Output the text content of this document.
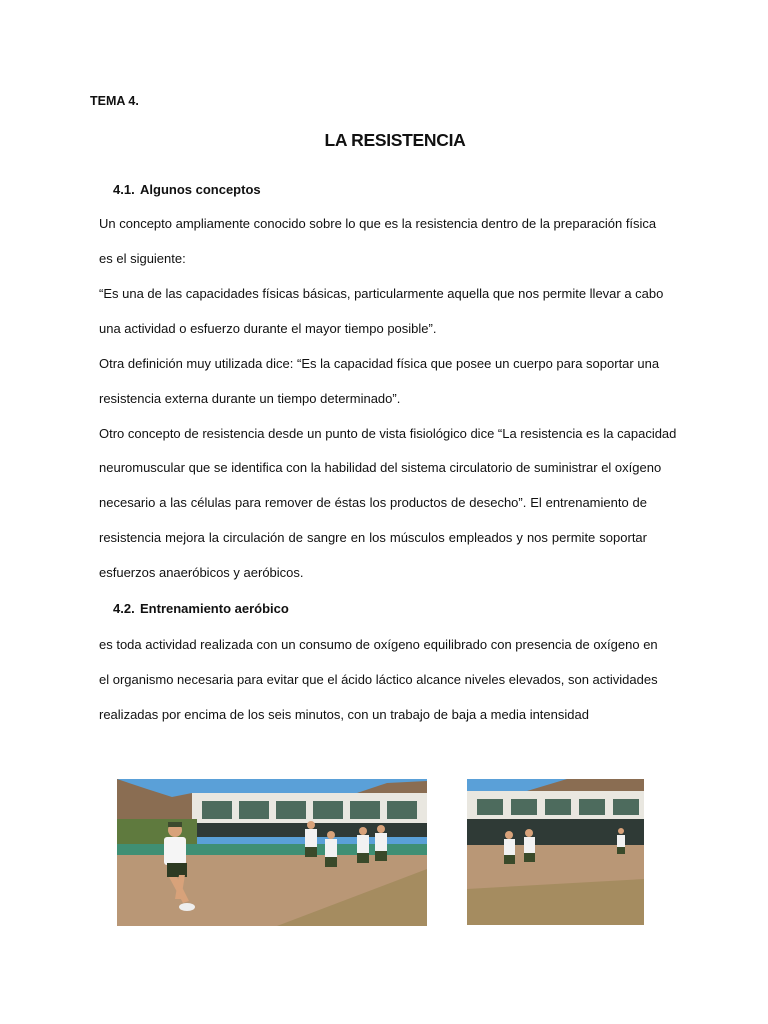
TEMA 4.
LA RESISTENCIA
4.1. Algunos conceptos
Un concepto ampliamente conocido sobre lo que es la resistencia dentro de la preparación física
es el siguiente:
“Es una de las capacidades físicas básicas, particularmente aquella que nos permite llevar a cabo
una actividad o esfuerzo durante el mayor tiempo posible”.
Otra definición muy utilizada dice: “Es la capacidad física que posee un cuerpo para soportar una
resistencia externa durante un tiempo determinado”.
Otro concepto de resistencia desde un punto de vista fisiológico dice “La resistencia es la capacidad
neuromuscular que se identifica con la habilidad del sistema circulatorio de suministrar el oxígeno
necesario a las células para remover de éstas los productos de desecho”. El entrenamiento de
resistencia mejora la circulación de sangre en los músculos empleados y nos permite soportar
esfuerzos anaeróbicos y aeróbicos.
4.2. Entrenamiento aeróbico
es toda actividad realizada con un consumo de oxígeno equilibrado con presencia de oxígeno en
el organismo necesaria para evitar que el ácido láctico alcance niveles elevados, son actividades
realizadas por encima de los seis minutos, con un trabajo de baja a media intensidad
